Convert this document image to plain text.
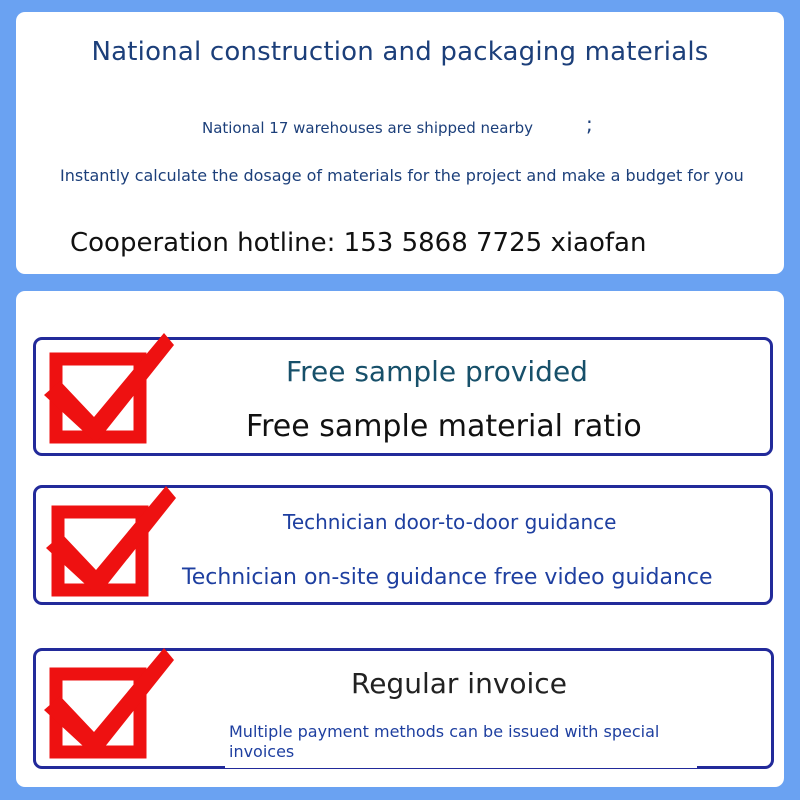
National construction and packaging materials
National 17 warehouses are shipped nearby	;
Instantly calculate the dosage of materials for the project and make a budget for you
Cooperation hotline: 153 5868 7725 xiaofan
Free sample provided
Free sample material ratio
Technician door-to-door guidance
Technician on-site guidance free video guidance
Regular invoice
Multiple payment methods can be issued with special invoices
